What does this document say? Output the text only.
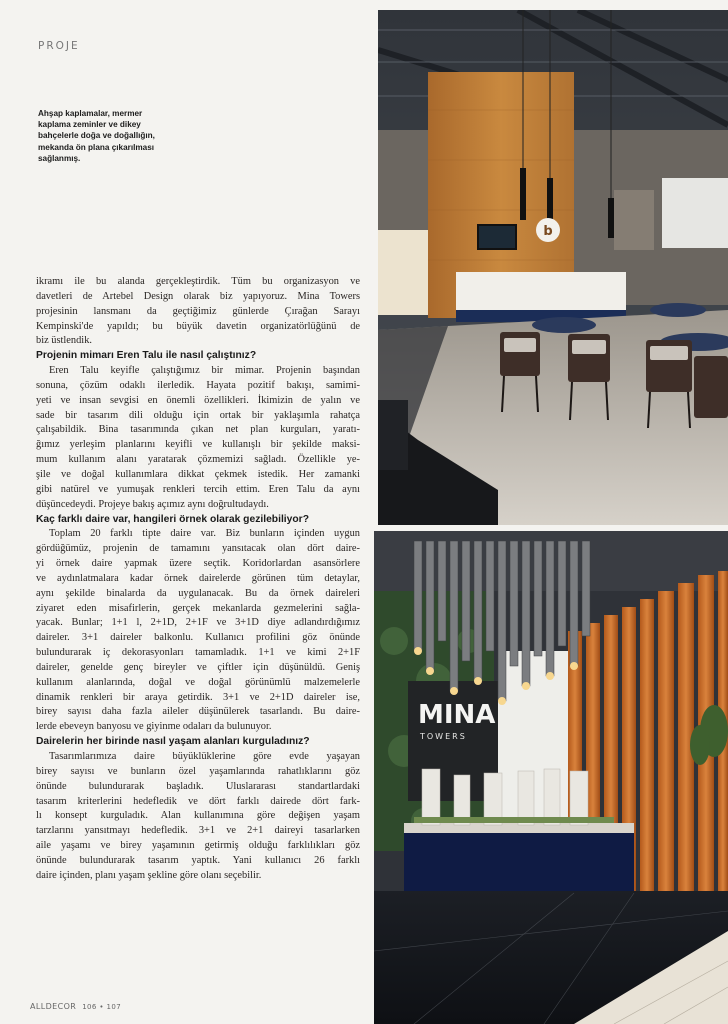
PROJE
Ahşap kaplamalar, mermer
kaplama zeminler ve dikey
bahçelerle doğa ve doğallığın,
mekanda ön plana çıkarılması
sağlanmış.
ikramı ile bu alanda gerçekleştirdik. Tüm bu organizasyon ve
davetleri de Artebel Design olarak biz yapıyoruz. Mina Towers
projesinin lansmanı da geçtiğimiz günlerde Çırağan Sarayı
Kempinski'de yapıldı; bu büyük davetin organizatörlüğünü de
biz üstlendik.
Projenin mimarı Eren Talu ile nasıl çalıştınız?
Eren Talu keyifle çalıştığımız bir mimar. Projenin başından
sonuna, çözüm odaklı ilerledik. Hayata pozitif bakışı, samimi-
yeti ve insan sevgisi en önemli özellikleri. İkimizin de yalın ve
sade bir tasarım dili olduğu için ortak bir yaklaşımla rahatça
çalışabildik. Bina tasarımında çıkan net plan kurguları, yaratı-
ğımız yerleşim planlarını keyifli ve kullanışlı bir şekilde maksi-
mum kullanım alanı yaratarak çözmemizi sağladı. Özellikle ye-
şile ve doğal kullanımlara dikkat çekmek istedik. Her zamanki
gibi natürel ve yumuşak renkleri tercih ettim. Eren Talu da aynı
düşüncedeydi. Projeye bakış açımız aynı doğrultudaydı.
Kaç farklı daire var, hangileri örnek olarak gezilebiliyor?
Toplam 20 farklı tipte daire var. Biz bunların içinden uygun
gördüğümüz, projenin de tamamını yansıtacak olan dört daire-
yi örnek daire yapmak üzere seçtik. Koridorlardan asansörlere
ve aydınlatmalara kadar örnek dairelerde görünen tüm detaylar,
aynı şekilde binalarda da uygulanacak. Bu da örnek daireleri
ziyaret eden misafirlerin, gerçek mekanlarda gezmelerini sağla-
yacak. Bunlar; 1+1 l, 2+1D, 2+1F ve 3+1D diye adlandırdığımız
daireler. 3+1 daireler balkonlu. Kullanıcı profilini göz önünde
bulundurarak iç dekorasyonları tamamladık. 1+1 ve kimi 2+1F
daireler, genelde genç bireyler ve çiftler için düşünüldü. Geniş
kullanım alanlarında, doğal ve doğal görünümlü malzemelerle
dinamik renkleri bir araya getirdik. 3+1 ve 2+1D daireler ise,
birey sayısı daha fazla aileler düşünülerek tasarlandı. Bu daire-
lerde ebeveyn banyosu ve giyinme odaları da bulunuyor.
Dairelerin her birinde nasıl yaşam alanları kurguladınız?
Tasarımlarımıza daire büyüklüklerine göre evde yaşayan
birey sayısı ve bunların özel yaşamlarında rahatlıklarını göz
önünde bulundurarak başladık. Uluslararası standartlardaki
tasarım kriterlerini hedefledik ve dört farklı dairede dört fark-
lı konsept kurguladık. Alan kullanımına göre değişen yaşam
tarzlarını yansıtmayı hedefledik. 3+1 ve 2+1 daireyi tasarlarken
aile yaşamı ve birey yaşamının getirmiş olduğu farklılıkları göz
önünde bulundurarak tasarım yaptık. Yani kullanıcı 26 farklı
daire içinden, planı yaşam şekline göre olanı seçebilir.
ALLDECOR 106 • 107
b
MINA
TOWERS
